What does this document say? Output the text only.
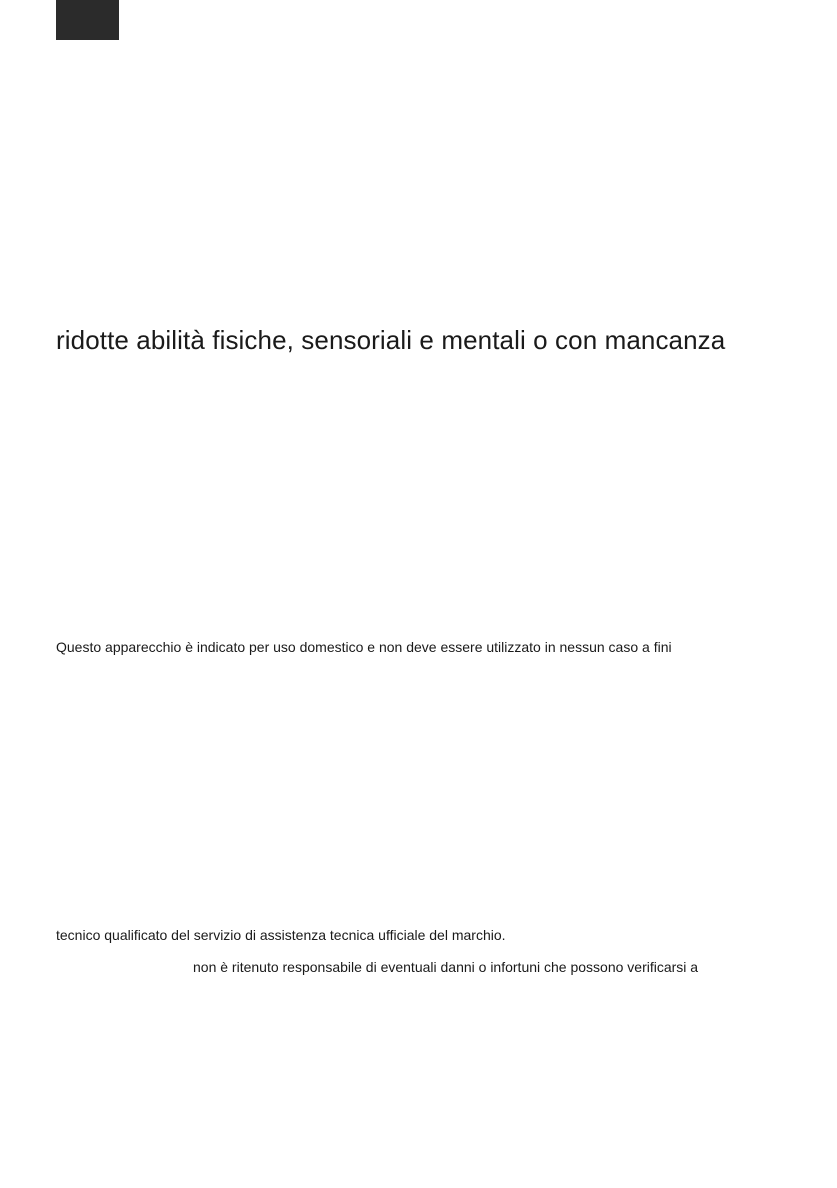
ridotte abilità fisiche, sensoriali e mentali o con mancanza

Questo apparecchio è indicato per uso domestico e non deve essere utilizzato in nessun caso a fini

tecnico qualificato del servizio di assistenza tecnica ufficiale del marchio.

non è ritenuto responsabile di eventuali danni o infortuni che possono verificarsi a
